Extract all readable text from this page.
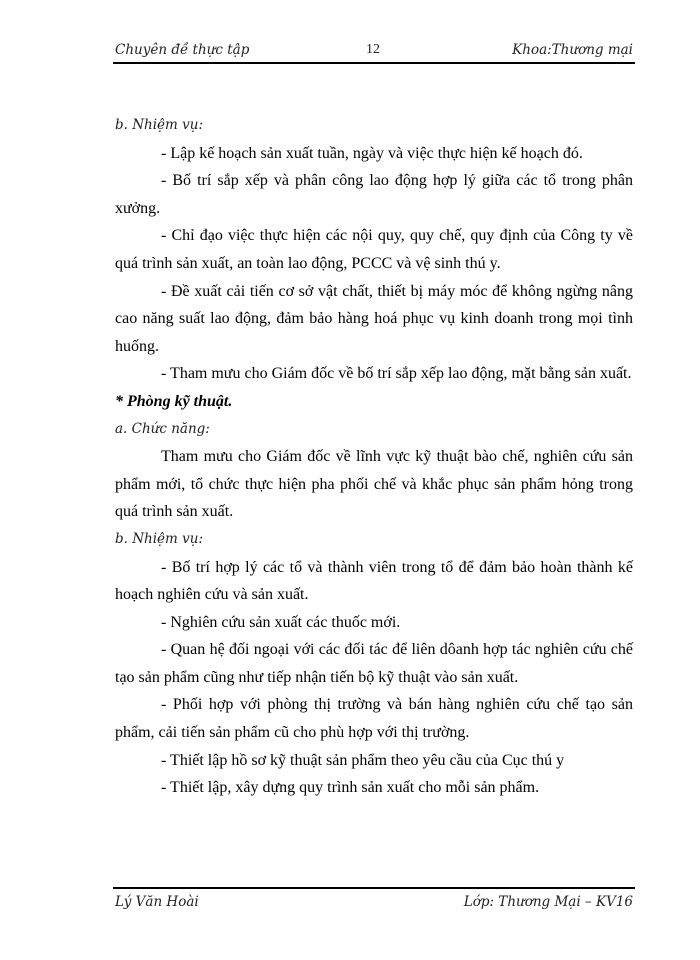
Chuyên đề thực tập	12	Khoa:Thương mại

b. Nhiệm vụ:

- Lập kế hoạch sản xuất tuần, ngày và việc thực hiện kế hoạch đó.

- Bố trí sắp xếp và phân công lao động hợp lý giữa các tổ trong phân xưởng.

- Chỉ đạo việc thực hiện các nội quy, quy chế, quy định của Công ty về quá trình sản xuất, an toàn lao động, PCCC và vệ sinh thú y.

- Đề xuất cải tiến cơ sở vật chất, thiết bị máy móc để không ngừng nâng cao năng suất lao động, đảm bảo hàng hoá phục vụ kinh doanh trong mọi tình huống.

- Tham mưu cho Giám đốc về bố trí sắp xếp lao động, mặt bằng sản xuất.

* Phòng kỹ thuật.

a. Chức năng:

Tham mưu cho Giám đốc về lĩnh vực kỹ thuật bào chế, nghiên cứu sản phẩm mới, tổ chức thực hiện pha phối chế và khắc phục sản phẩm hỏng trong quá trình sản xuất.

b. Nhiệm vụ:

- Bố trí hợp lý các tổ và thành viên trong tổ để đảm bảo hoàn thành kế hoạch nghiên cứu và sản xuất.

- Nghiên cứu sản xuất các thuốc mới.

- Quan hệ đối ngoại với các đối tác để liên dôanh hợp tác nghiên cứu chế tạo sản phẩm cũng như tiếp nhận tiến bộ kỹ thuật vào sản xuất.

- Phối hợp với phòng thị trường và bán hàng nghiên cứu chế tạo sản phẩm, cải tiến sản phẩm cũ cho phù hợp với thị trường.

- Thiết lập hồ sơ kỹ thuật sản phẩm theo yêu cầu của Cục thú y

- Thiết lập, xây dựng quy trình sản xuất cho mỗi sản phẩm.

Lý Văn Hoài	Lớp: Thương Mại – KV16
